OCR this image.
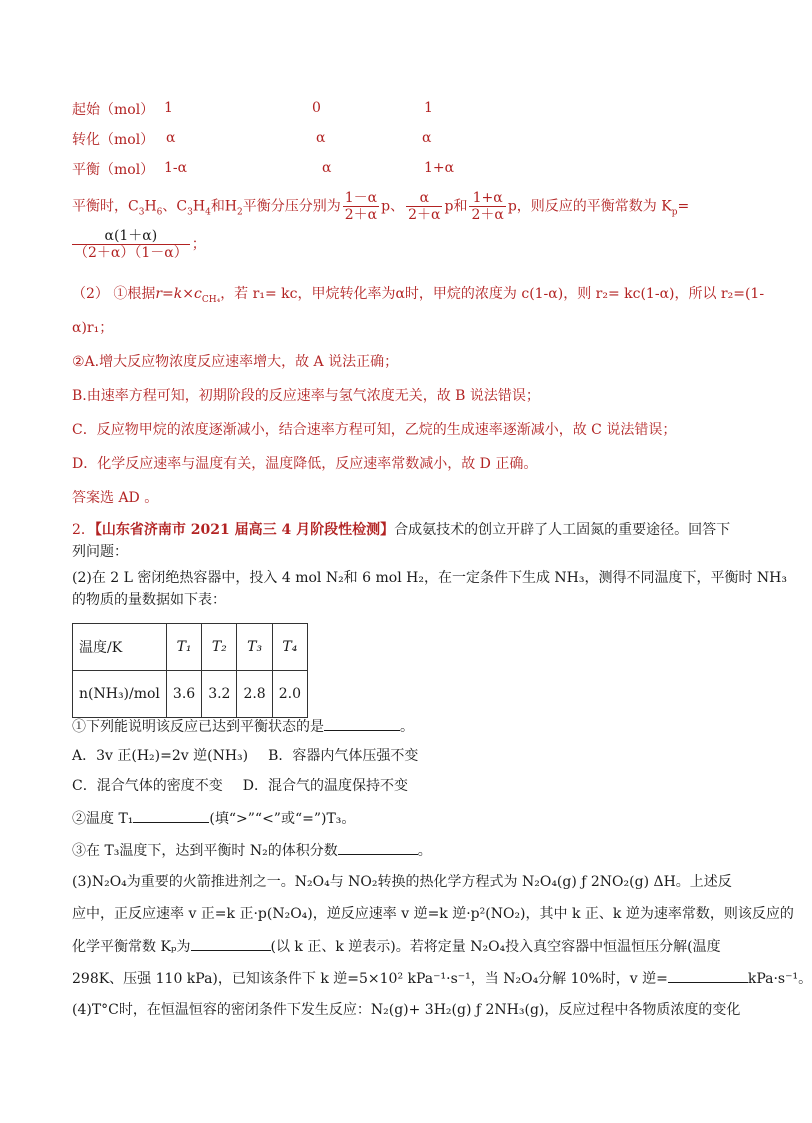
起始（mol） 1	0	1
转化（mol） α	α	α
平衡（mol） 1-α	α	1+α
平衡时，$C_3H_6$、$C_3H_4$和$H_2$平衡分压分别为 $\frac{1-\alpha}{2+\alpha}$ p、 $\frac{\alpha}{2+\alpha}$ p和 $\frac{1+\alpha}{2+\alpha}$ p，则反应的平衡常数为 $K_p=$
$\frac{\alpha(1+\alpha)}{(2+\alpha)(1-\alpha)}$ ；
（2） ①根据$r=k\times c_{CH_4}$，若 r₁= kc，甲烷转化率为α时，甲烷的浓度为 c(1-α)，则 r₂= kc(1-α)，所以 r₂=(1-
α)r₁；
②A.增大反应物浓度反应速率增大，故 A 说法正确；
B.由速率方程可知，初期阶段的反应速率与氢气浓度无关，故 B 说法错误；
C．反应物甲烷的浓度逐渐减小，结合速率方程可知，乙烷的生成速率逐渐减小，故 C 说法错误；
D．化学反应速率与温度有关，温度降低，反应速率常数减小，故 D 正确。
答案选 AD 。
2．【山东省济南市 2021 届高三 4 月阶段性检测】合成氨技术的创立开辟了人工固氮的重要途径。回答下
列问题：
(2)在 2 L 密闭绝热容器中，投入 4 mol N₂和 6 mol H₂，在一定条件下生成 NH₃，测得不同温度下，平衡时 NH₃
的物质的量数据如下表：
温度/K	T₁	T₂	T₃	T₄
n(NH₃)/mol	3.6	3.2	2.8	2.0
①下列能说明该反应已达到平衡状态的是	。
A．3v 正(H₂)=2v 逆(NH₃) B．容器内气体压强不变
C．混合气体的密度不变 D．混合气的温度保持不变
②温度 T₁	(填“>”“<”或“=”)T₃。
③在 T₃温度下，达到平衡时 N₂的体积分数	。
(3)N₂O₄为重要的火箭推进剂之一。N₂O₄与 NO₂转换的热化学方程式为 N₂O₄(g) ƒ 2NO₂(g) ΔH。上述反
应中，正反应速率 v 正=k 正·p(N₂O₄)，逆反应速率 v 逆=k 逆·p²(NO₂)，其中 k 正、k 逆为速率常数，则该反应的
化学平衡常数 Kₚ为	(以 k 正、k 逆表示)。若将定量 N₂O₄投入真空容器中恒温恒压分解(温度
298K、压强 110 kPa)，已知该条件下 k 逆=5×10² kPa⁻¹·s⁻¹，当 N₂O₄分解 10%时，v 逆=	kPa·s⁻¹。
(4)T°C时，在恒温恒容的密闭条件下发生反应：N₂(g)+ 3H₂(g) ƒ 2NH₃(g)，反应过程中各物质浓度的变化
